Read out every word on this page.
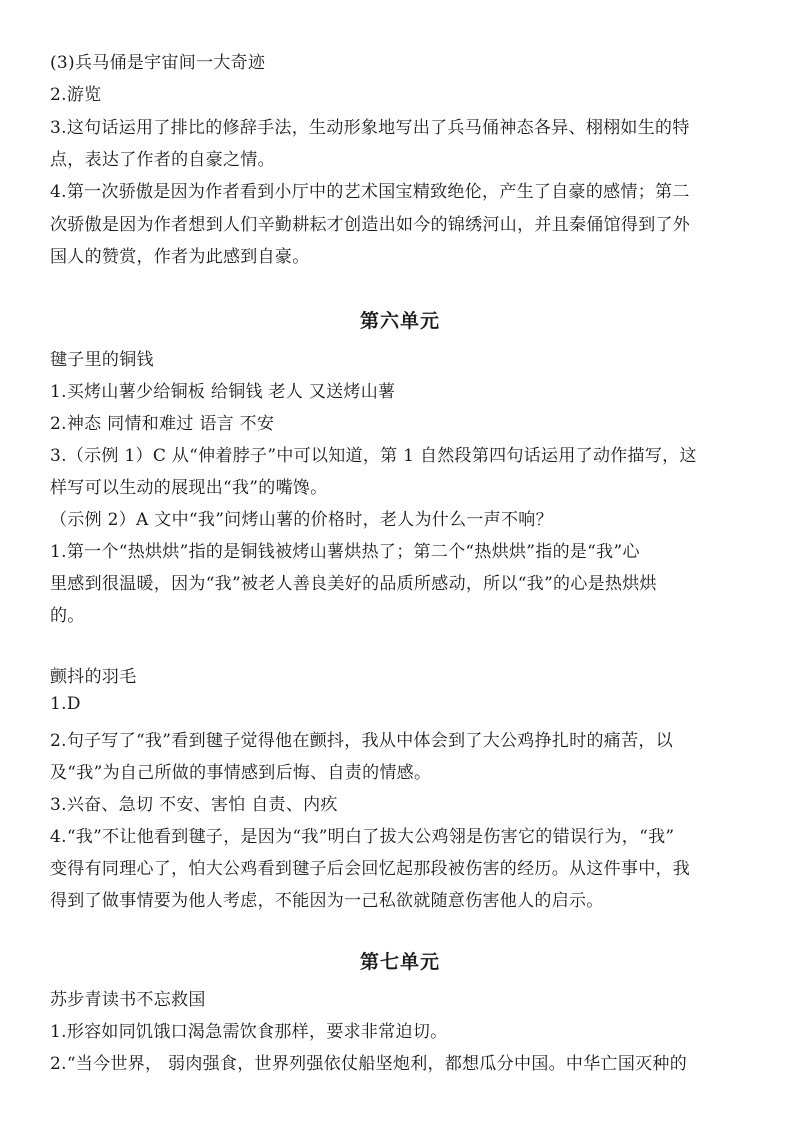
(3)兵马俑是宇宙间一大奇迹
2.游览
3.这句话运用了排比的修辞手法，生动形象地写出了兵马俑神态各异、栩栩如生的特
点，表达了作者的自豪之情。
4.第一次骄傲是因为作者看到小厅中的艺术国宝精致绝伦，产生了自豪的感情；第二
次骄傲是因为作者想到人们辛勤耕耘才创造出如今的锦绣河山，并且秦俑馆得到了外
国人的赞赏，作者为此感到自豪。
第六单元
毽子里的铜钱
1.买烤山薯少给铜板 给铜钱 老人 又送烤山薯
2.神态 同情和难过 语言 不安
3.（示例 1）C 从“伸着脖子”中可以知道，第 1 自然段第四句话运用了动作描写，这
样写可以生动的展现出“我”的嘴馋。
（示例 2）A 文中“我”问烤山薯的价格时，老人为什么一声不响？
1.第一个“热烘烘”指的是铜钱被烤山薯烘热了；第二个“热烘烘”指的是“我”心
里感到很温暖，因为“我”被老人善良美好的品质所感动，所以“我”的心是热烘烘
的。
颤抖的羽毛
1.D
2.句子写了“我”看到毽子觉得他在颤抖，我从中体会到了大公鸡挣扎时的痛苦，以
及“我”为自己所做的事情感到后悔、自责的情感。
3.兴奋、急切 不安、害怕 自责、内疚
4.“我”不让他看到毽子，是因为“我”明白了拔大公鸡翎是伤害它的错误行为，“我”
变得有同理心了，怕大公鸡看到毽子后会回忆起那段被伤害的经历。从这件事中，我
得到了做事情要为他人考虑，不能因为一己私欲就随意伤害他人的启示。
第七单元
苏步青读书不忘救国
1.形容如同饥饿口渴急需饮食那样，要求非常迫切。
2.“当今世界， 弱肉强食，世界列强依仗船坚炮利，都想瓜分中国。中华亡国灭种的
